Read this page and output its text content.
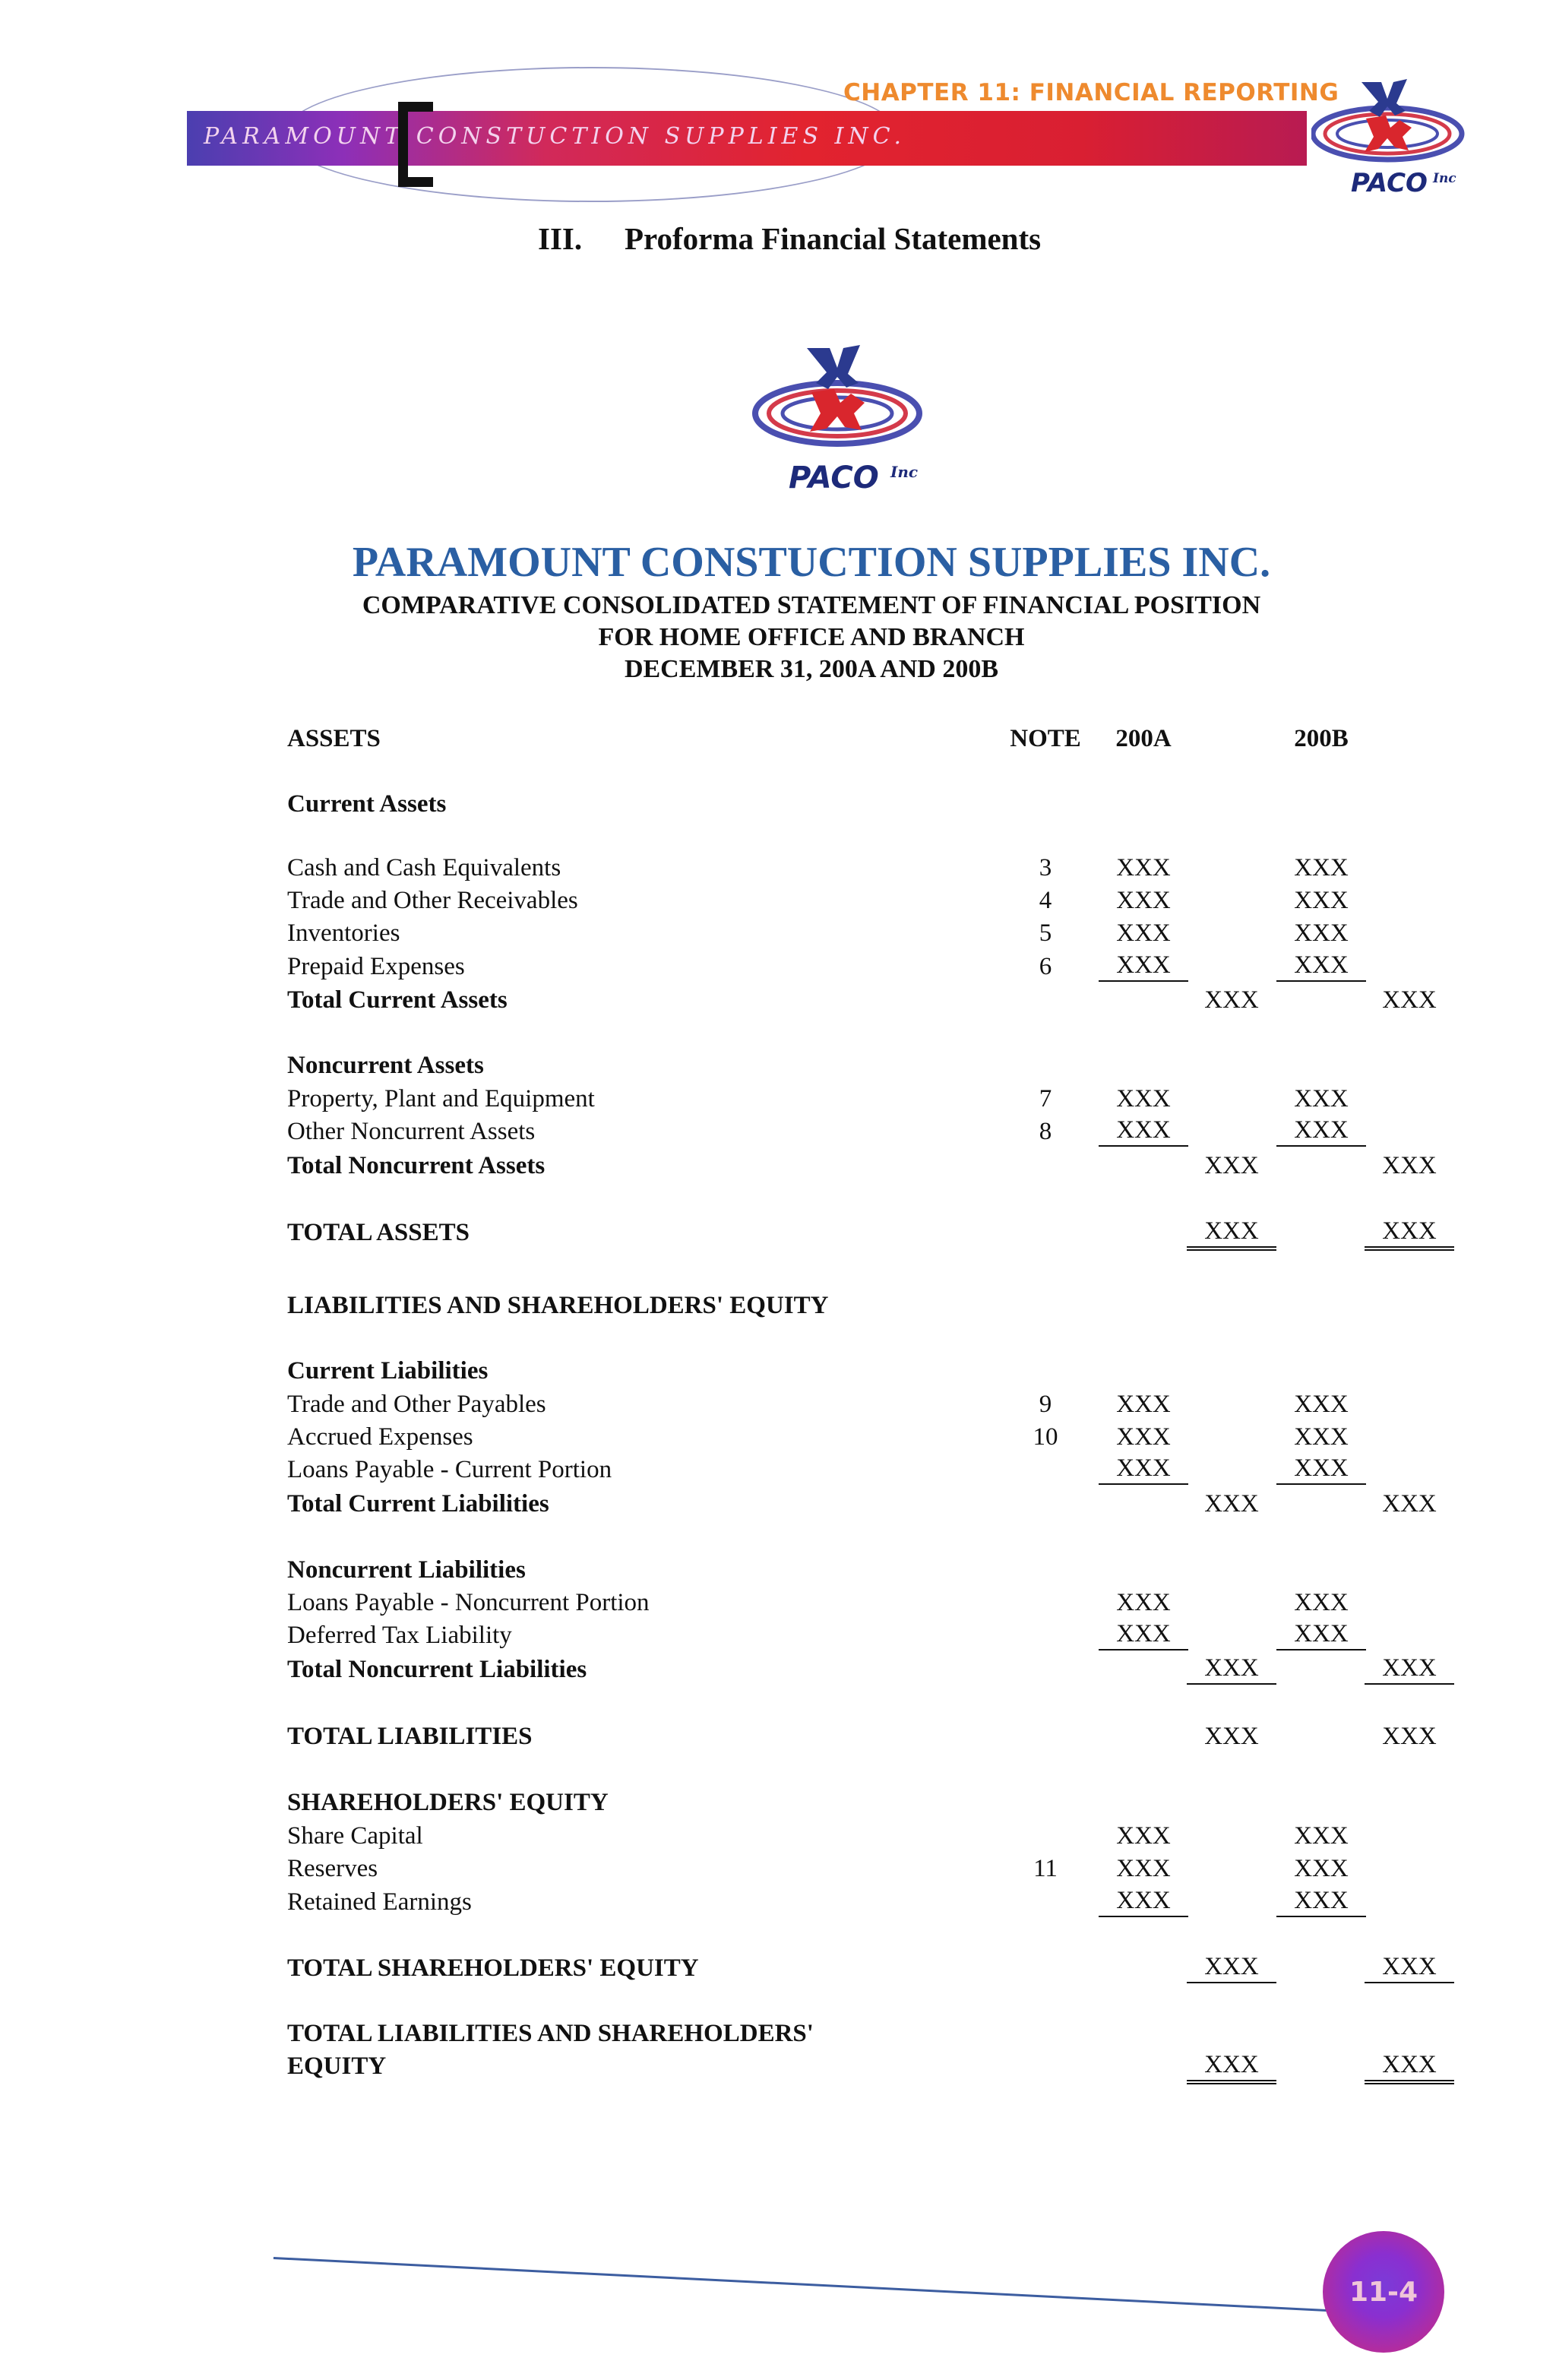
PARAMOUNT CONSTUCTION SUPPLIES INC.
CHAPTER 11: FINANCIAL REPORTING
PACO Inc
III. Proforma Financial Statements
PACO Inc
PARAMOUNT CONSTUCTION SUPPLIES INC.
COMPARATIVE CONSOLIDATED STATEMENT OF FINANCIAL POSITION
FOR HOME OFFICE AND BRANCH
DECEMBER 31, 200A AND 200B
ASSETS	NOTE	200A	200B
Current Assets
Cash and Cash Equivalents	3	XXX	XXX
Trade and Other Receivables	4	XXX	XXX
Inventories	5	XXX	XXX
Prepaid Expenses	6	XXX	XXX
Total Current Assets	XXX	XXX
Noncurrent Assets
Property, Plant and Equipment	7	XXX	XXX
Other Noncurrent Assets	8	XXX	XXX
Total Noncurrent Assets	XXX	XXX
TOTAL ASSETS	XXX	XXX
LIABILITIES AND SHAREHOLDERS' EQUITY
Current Liabilities
Trade and Other Payables	9	XXX	XXX
Accrued Expenses	10	XXX	XXX
Loans Payable - Current Portion	XXX	XXX
Total Current Liabilities	XXX	XXX
Noncurrent Liabilities
Loans Payable - Noncurrent Portion	XXX	XXX
Deferred Tax Liability	XXX	XXX
Total Noncurrent Liabilities	XXX	XXX
TOTAL LIABILITIES	XXX	XXX
SHAREHOLDERS' EQUITY
Share Capital	XXX	XXX
Reserves	11	XXX	XXX
Retained Earnings	XXX	XXX
TOTAL SHAREHOLDERS' EQUITY	XXX	XXX
TOTAL LIABILITIES AND SHAREHOLDERS'
EQUITY	XXX	XXX
11-4
